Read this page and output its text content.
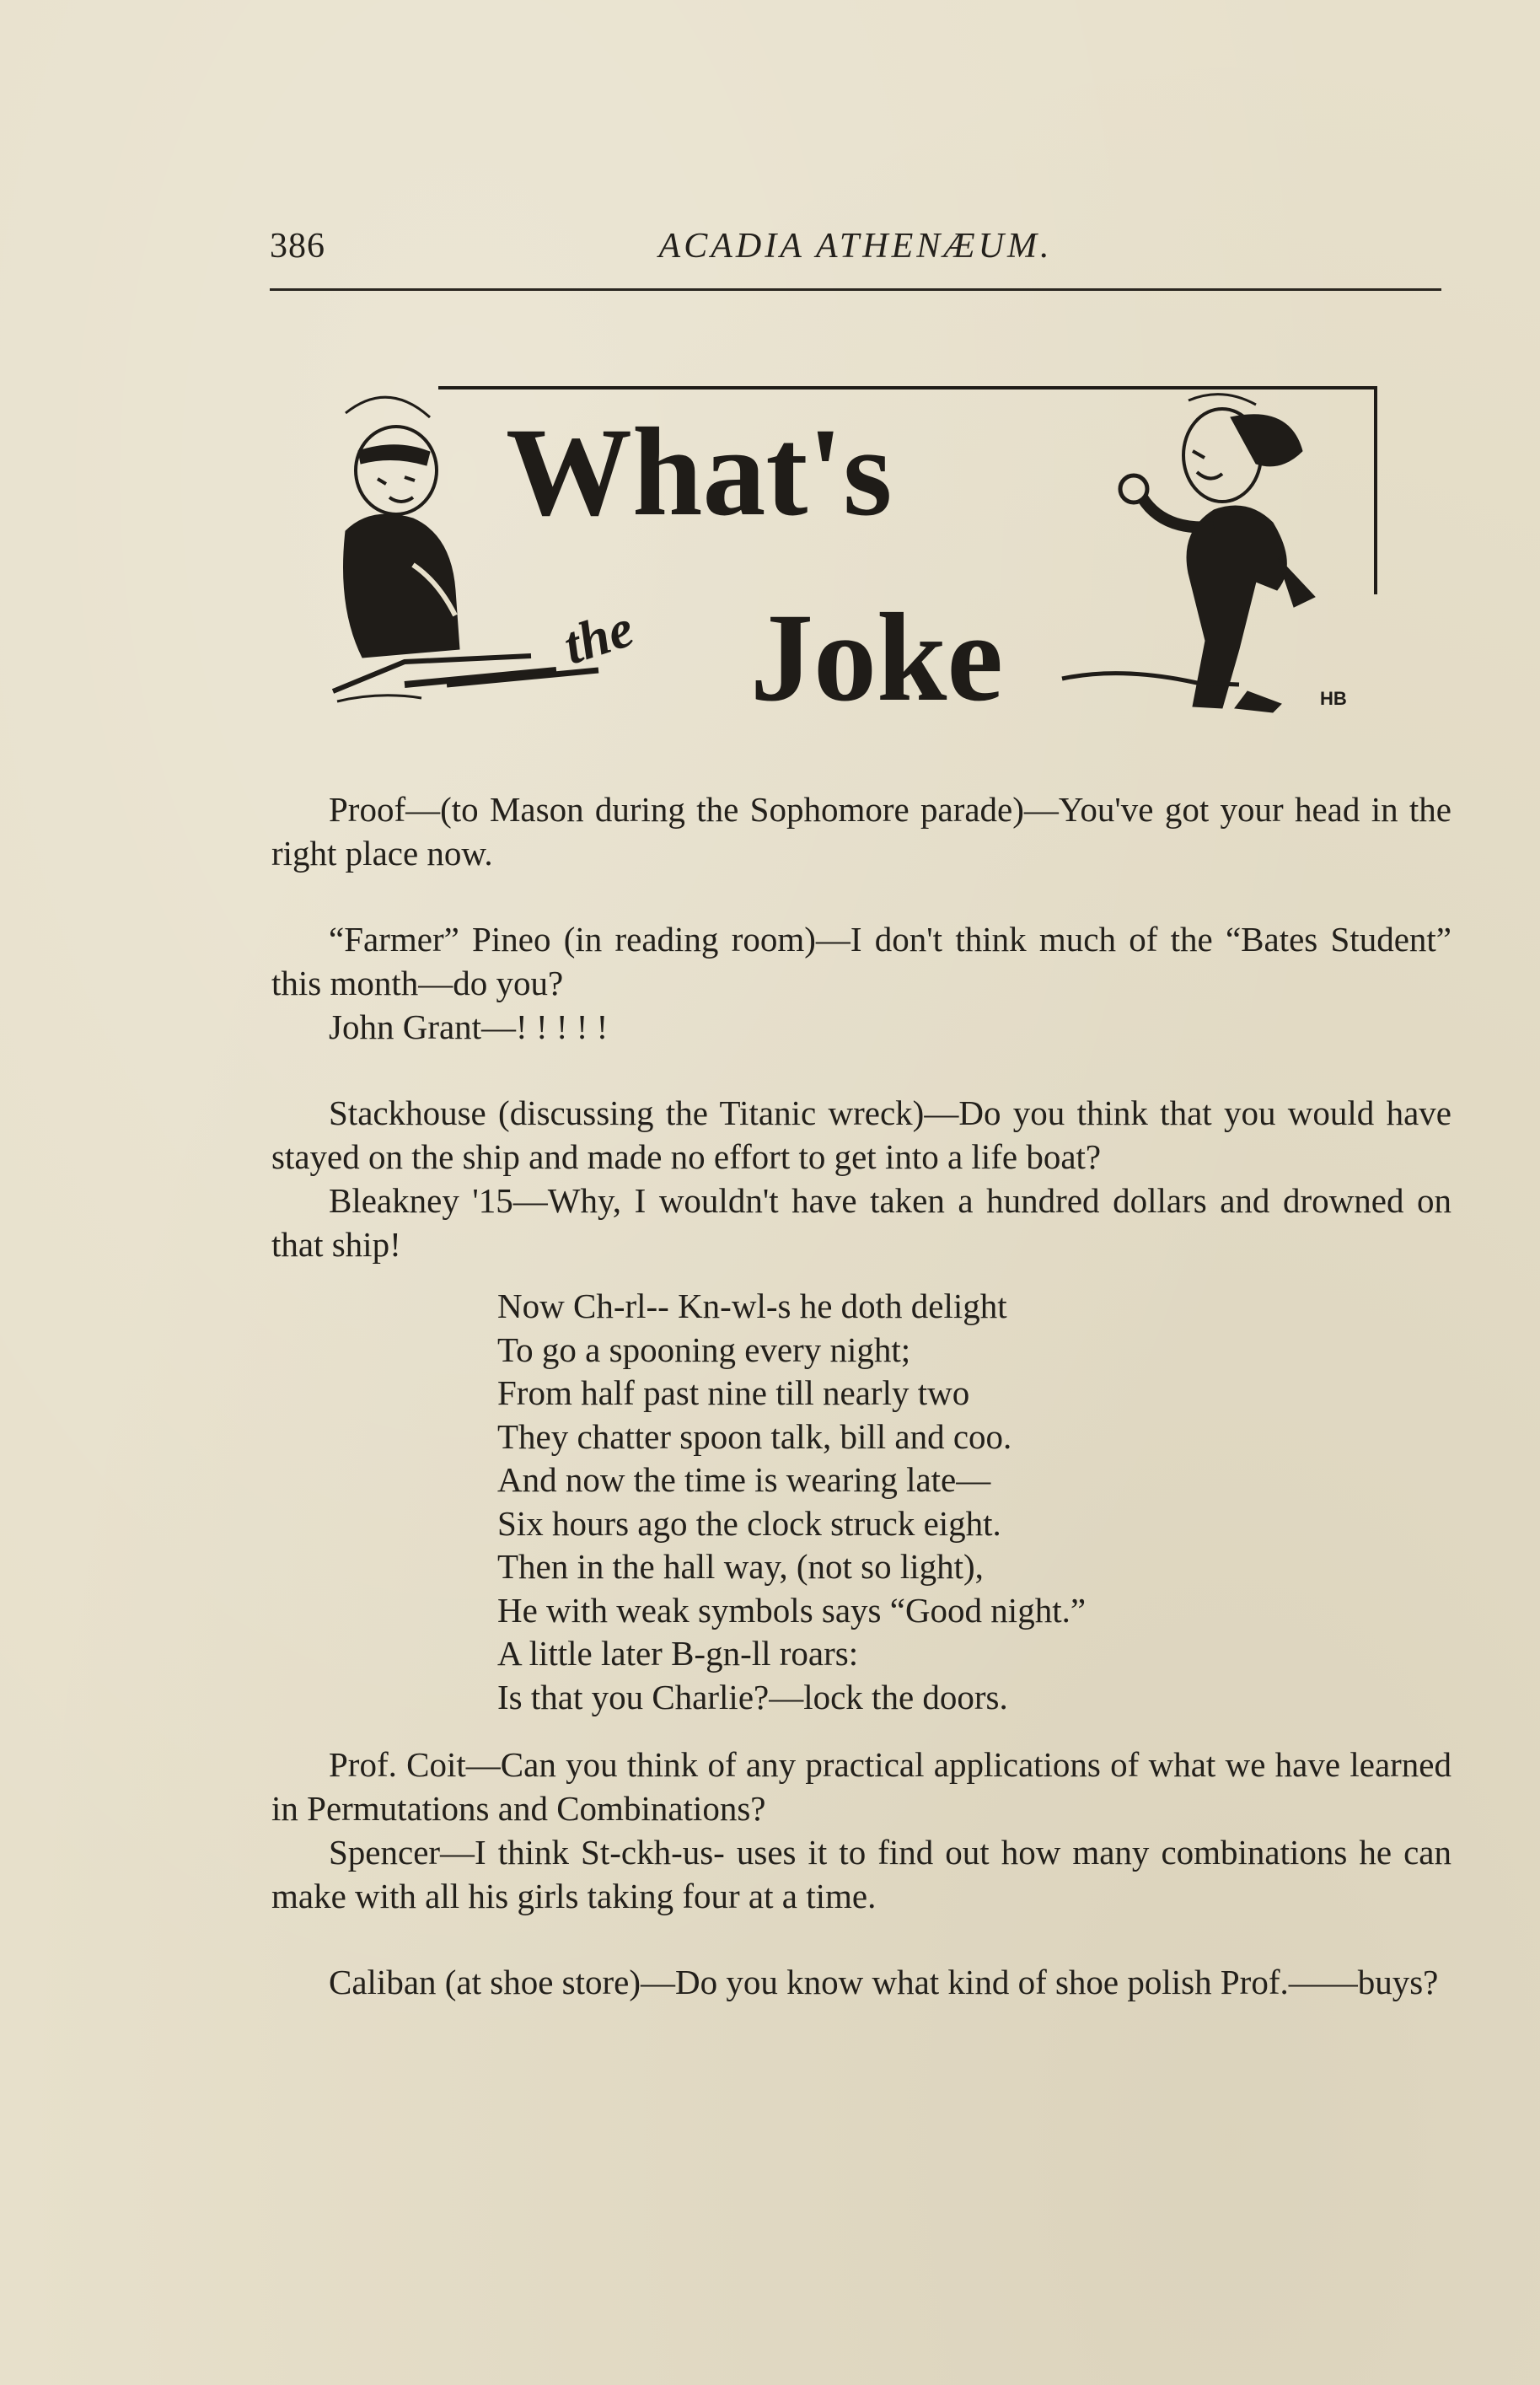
386	ACADIA ATHENÆUM.
What's
the Joke	HB

Proof—(to Mason during the Sophomore parade)—You've got your head in the right place now.

“Farmer” Pineo (in reading room)—I don't think much of the “Bates Student” this month—do you?

John Grant—! ! ! ! !

Stackhouse (discussing the Titanic wreck)—Do you think that you would have stayed on the ship and made no effort to get into a life boat?

Bleakney '15—Why, I wouldn't have taken a hundred dollars and drowned on that ship!

Now Ch-rl-- Kn-wl-s he doth delight
To go a spooning every night;
From half past nine till nearly two
They chatter spoon talk, bill and coo.
And now the time is wearing late—
Six hours ago the clock struck eight.
Then in the hall way, (not so light),
He with weak symbols says “Good night.”
A little later B-gn-ll roars:
Is that you Charlie?—lock the doors.

Prof. Coit—Can you think of any practical applications of what we have learned in Permutations and Combinations?

Spencer—I think St-ckh-us- uses it to find out how many combinations he can make with all his girls taking four at a time.

Caliban (at shoe store)—Do you know what kind of shoe polish Prof.——buys?
